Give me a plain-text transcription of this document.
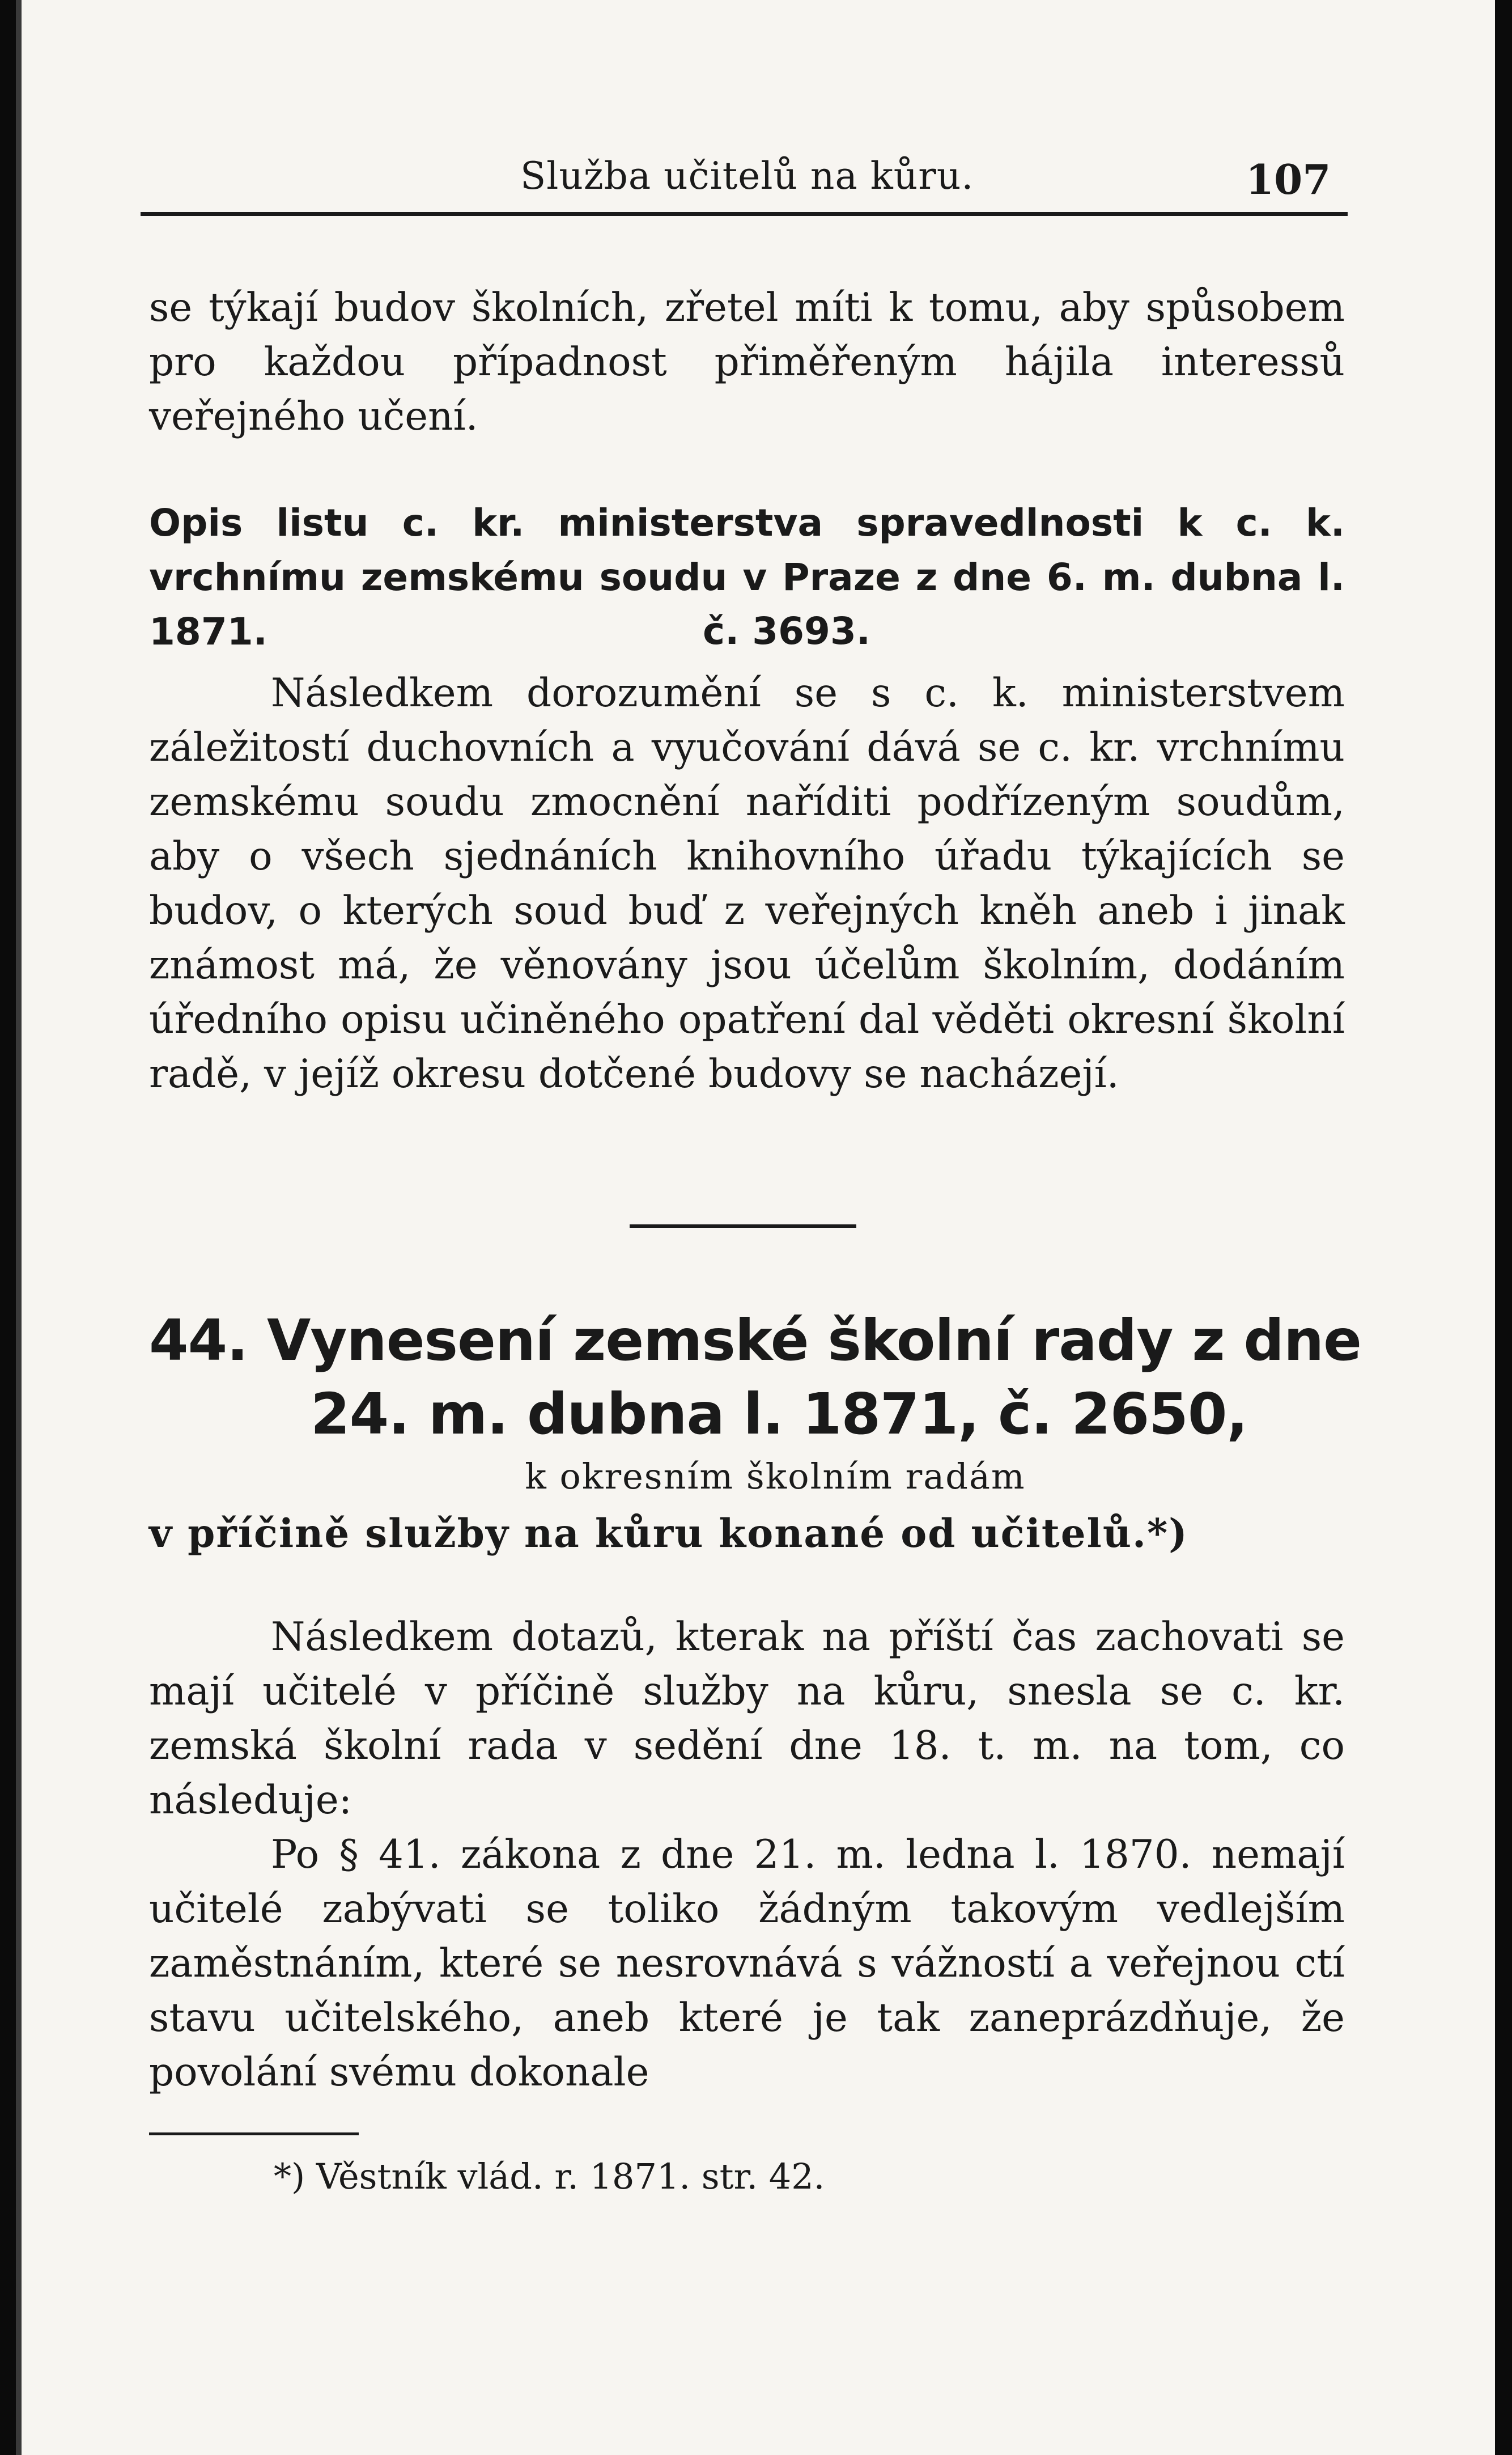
Služba učitelů na kůru.	107

se týkají budov školních, zřetel míti k tomu, aby spůsobem pro každou případnost přiměřeným hájila interessů veřejného učení.

Opis listu c. kr. ministerstva spravedlnosti k c. k. vrchnímu zemskému soudu v Praze z dne 6. m. dubna l. 1871.	č. 3693.

Následkem dorozumění se s c. k. ministerstvem záležitostí duchovních a vyučování dává se c. kr. vrchnímu zemskému soudu zmocnění naříditi podřízeným soudům, aby o všech sjednáních knihovního úřadu týkajících se budov, o kterých soud buď z veřejných kněh aneb i jinak známost má, že věnovány jsou účelům školním, dodáním úředního opisu učiněného opatření dal věděti okresní školní radě, v jejíž okresu dotčené budovy se nacházejí.

44. Vynesení zemské školní rady z dne
24. m. dubna l. 1871, č. 2650,
k okresním školním radám
v příčině služby na kůru konané od učitelů.*)

Následkem dotazů, kterak na příští čas zachovati se mají učitelé v příčině služby na kůru, snesla se c. kr. zemská školní rada v sedění dne 18. t. m. na tom, co následuje:

Po § 41. zákona z dne 21. m. ledna l. 1870. nemají učitelé zabývati se toliko žádným takovým vedlejším zaměstnáním, které se nesrovnává s vážností a veřejnou ctí stavu učitelského, aneb které je tak zaneprázdňuje, že povolání svému dokonale

*) Věstník vlád. r. 1871. str. 42.
